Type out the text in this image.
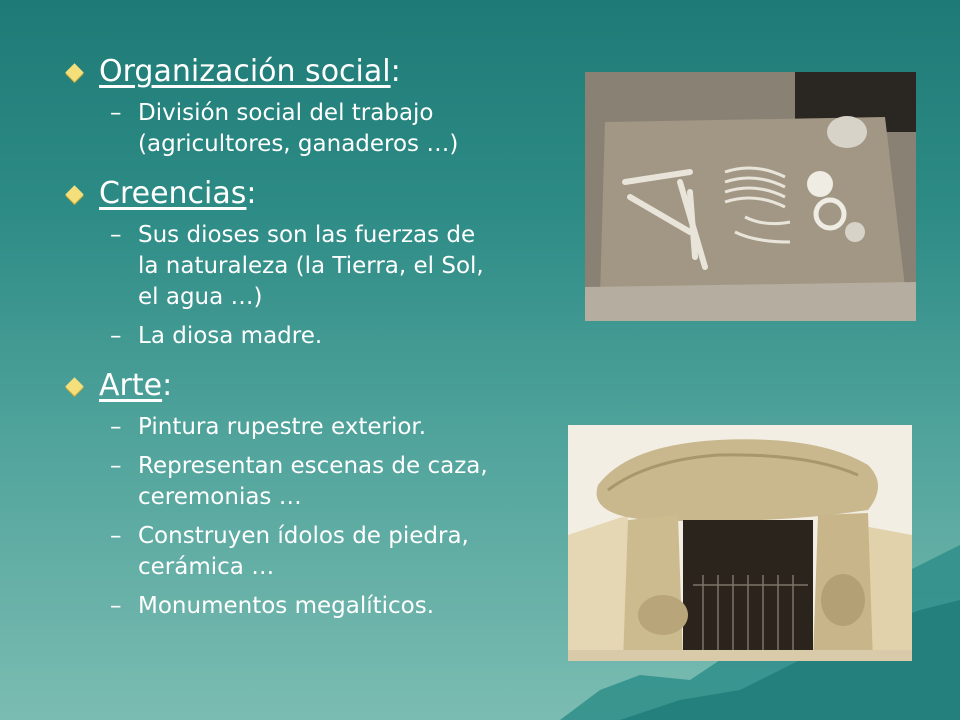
Organización social :
– División social del trabajo (agricultores, ganaderos …)
Creencias :
– Sus dioses son las fuerzas de la naturaleza (la Tierra, el Sol, el agua …)
– La diosa madre.
Arte :
– Pintura rupestre exterior.
– Representan escenas de caza, ceremonias …
– Construyen ídolos de piedra, cerámica …
– Monumentos megalíticos.
